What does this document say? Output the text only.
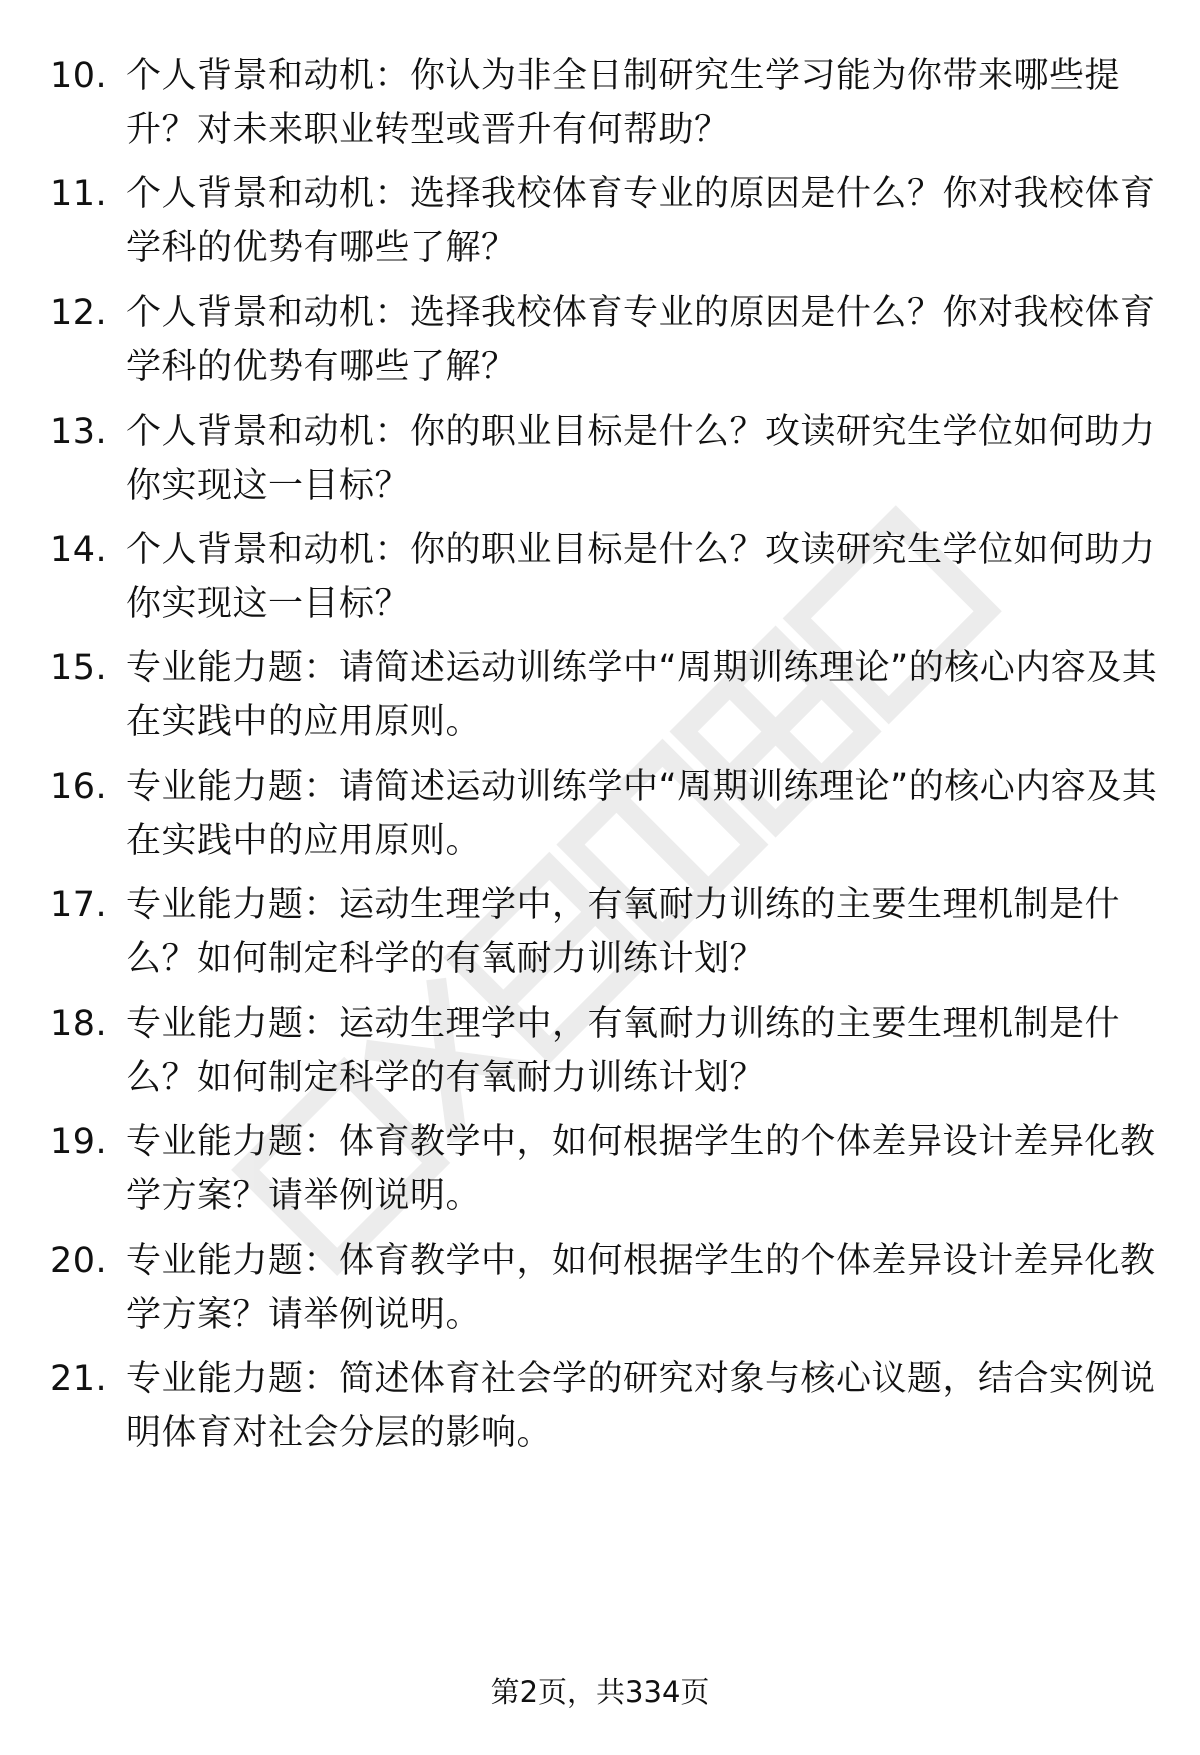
10. 个人背景和动机：你认为非全日制研究生学习能为你带来哪些提升？对未来职业转型或晋升有何帮助？
11. 个人背景和动机：选择我校体育专业的原因是什么？你对我校体育学科的优势有哪些了解？
12. 个人背景和动机：选择我校体育专业的原因是什么？你对我校体育学科的优势有哪些了解？
13. 个人背景和动机：你的职业目标是什么？攻读研究生学位如何助力你实现这一目标？
14. 个人背景和动机：你的职业目标是什么？攻读研究生学位如何助力你实现这一目标？
15. 专业能力题：请简述运动训练学中“周期训练理论”的核心内容及其在实践中的应用原则。
16. 专业能力题：请简述运动训练学中“周期训练理论”的核心内容及其在实践中的应用原则。
17. 专业能力题：运动生理学中，有氧耐力训练的主要生理机制是什么？如何制定科学的有氧耐力训练计划？
18. 专业能力题：运动生理学中，有氧耐力训练的主要生理机制是什么？如何制定科学的有氧耐力训练计划？
19. 专业能力题：体育教学中，如何根据学生的个体差异设计差异化教学方案？请举例说明。
20. 专业能力题：体育教学中，如何根据学生的个体差异设计差异化教学方案？请举例说明。
21. 专业能力题：简述体育社会学的研究对象与核心议题，结合实例说明体育对社会分层的影响。
第2页，共334页
